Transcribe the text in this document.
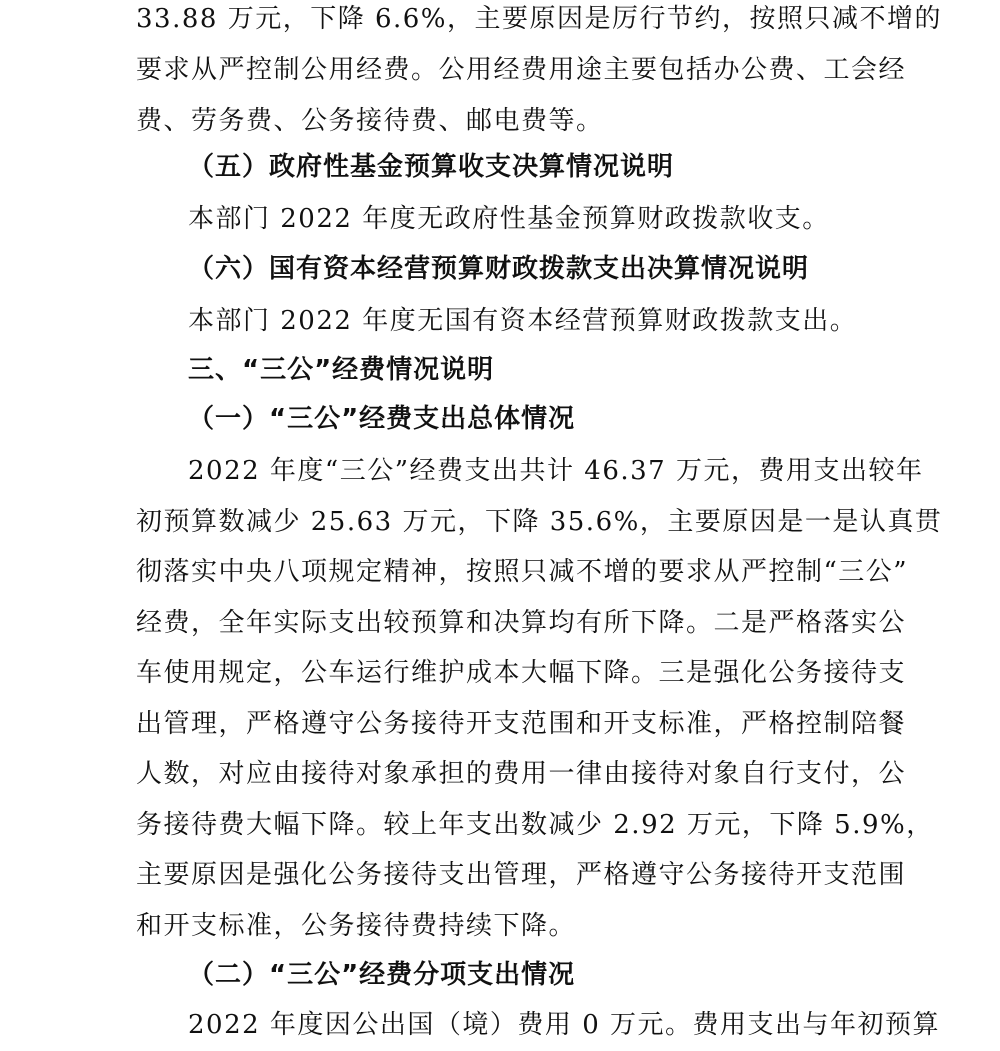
33.88 万元，下降 6.6%，主要原因是厉行节约，按照只减不增的
要求从严控制公用经费。公用经费用途主要包括办公费、工会经
费、劳务费、公务接待费、邮电费等。
（五）政府性基金预算收支决算情况说明
本部门 2022 年度无政府性基金预算财政拨款收支。
（六）国有资本经营预算财政拨款支出决算情况说明
本部门 2022 年度无国有资本经营预算财政拨款支出。
三、“三公”经费情况说明
（一）“三公”经费支出总体情况
2022 年度“三公”经费支出共计 46.37 万元，费用支出较年
初预算数减少 25.63 万元，下降 35.6%，主要原因是一是认真贯
彻落实中央八项规定精神，按照只减不增的要求从严控制“三公”
经费，全年实际支出较预算和决算均有所下降。二是严格落实公
车使用规定，公车运行维护成本大幅下降。三是强化公务接待支
出管理，严格遵守公务接待开支范围和开支标准，严格控制陪餐
人数，对应由接待对象承担的费用一律由接待对象自行支付，公
务接待费大幅下降。较上年支出数减少 2.92 万元，下降 5.9%，
主要原因是强化公务接待支出管理，严格遵守公务接待开支范围
和开支标准，公务接待费持续下降。
（二）“三公”经费分项支出情况
2022 年度因公出国（境）费用 0 万元。费用支出与年初预算
